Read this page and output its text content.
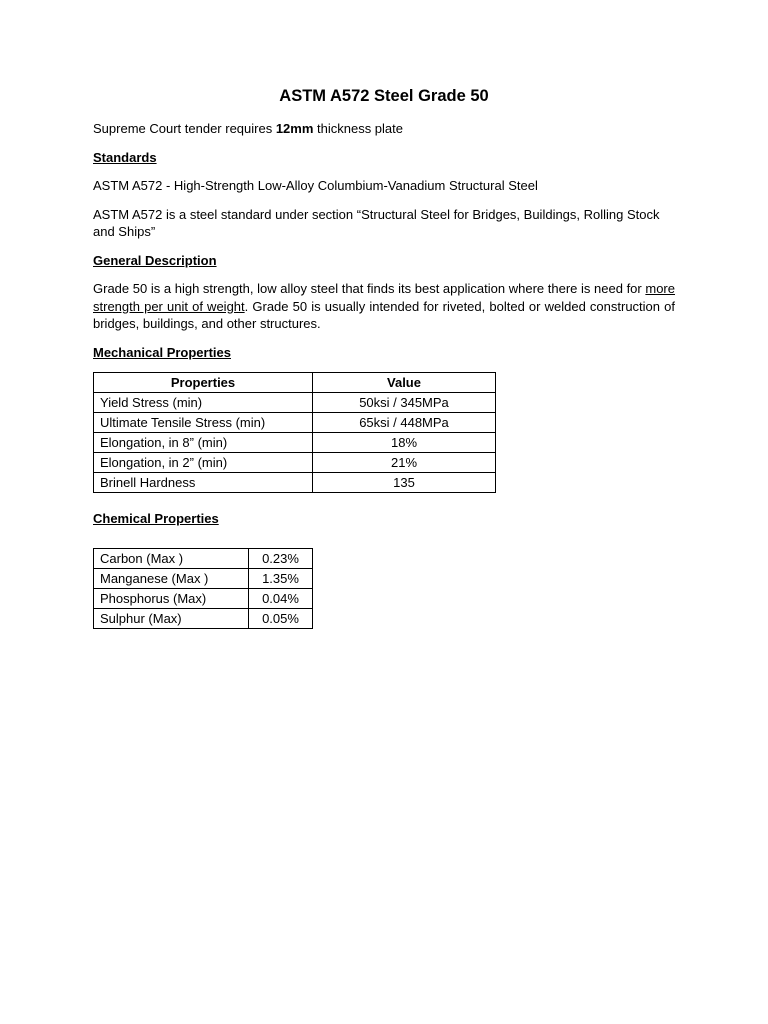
ASTM A572 Steel Grade 50

Supreme Court tender requires 12mm thickness plate

Standards

ASTM A572 - High-Strength Low-Alloy Columbium-Vanadium Structural Steel

ASTM A572 is a steel standard under section “Structural Steel for Bridges, Buildings, Rolling Stock and Ships”

General Description

Grade 50 is a high strength, low alloy steel that finds its best application where there is need for more strength per unit of weight. Grade 50 is usually intended for riveted, bolted or welded construction of bridges, buildings, and other structures.

Mechanical Properties
Properties	Value
Yield Stress (min)	50ksi / 345MPa
Ultimate Tensile Stress (min)	65ksi / 448MPa
Elongation, in 8” (min)	18%
Elongation, in 2” (min)	21%
Brinell Hardness	135
Chemical Properties
Carbon (Max )	0.23%
Manganese (Max )	1.35%
Phosphorus (Max)	0.04%
Sulphur (Max)	0.05%
